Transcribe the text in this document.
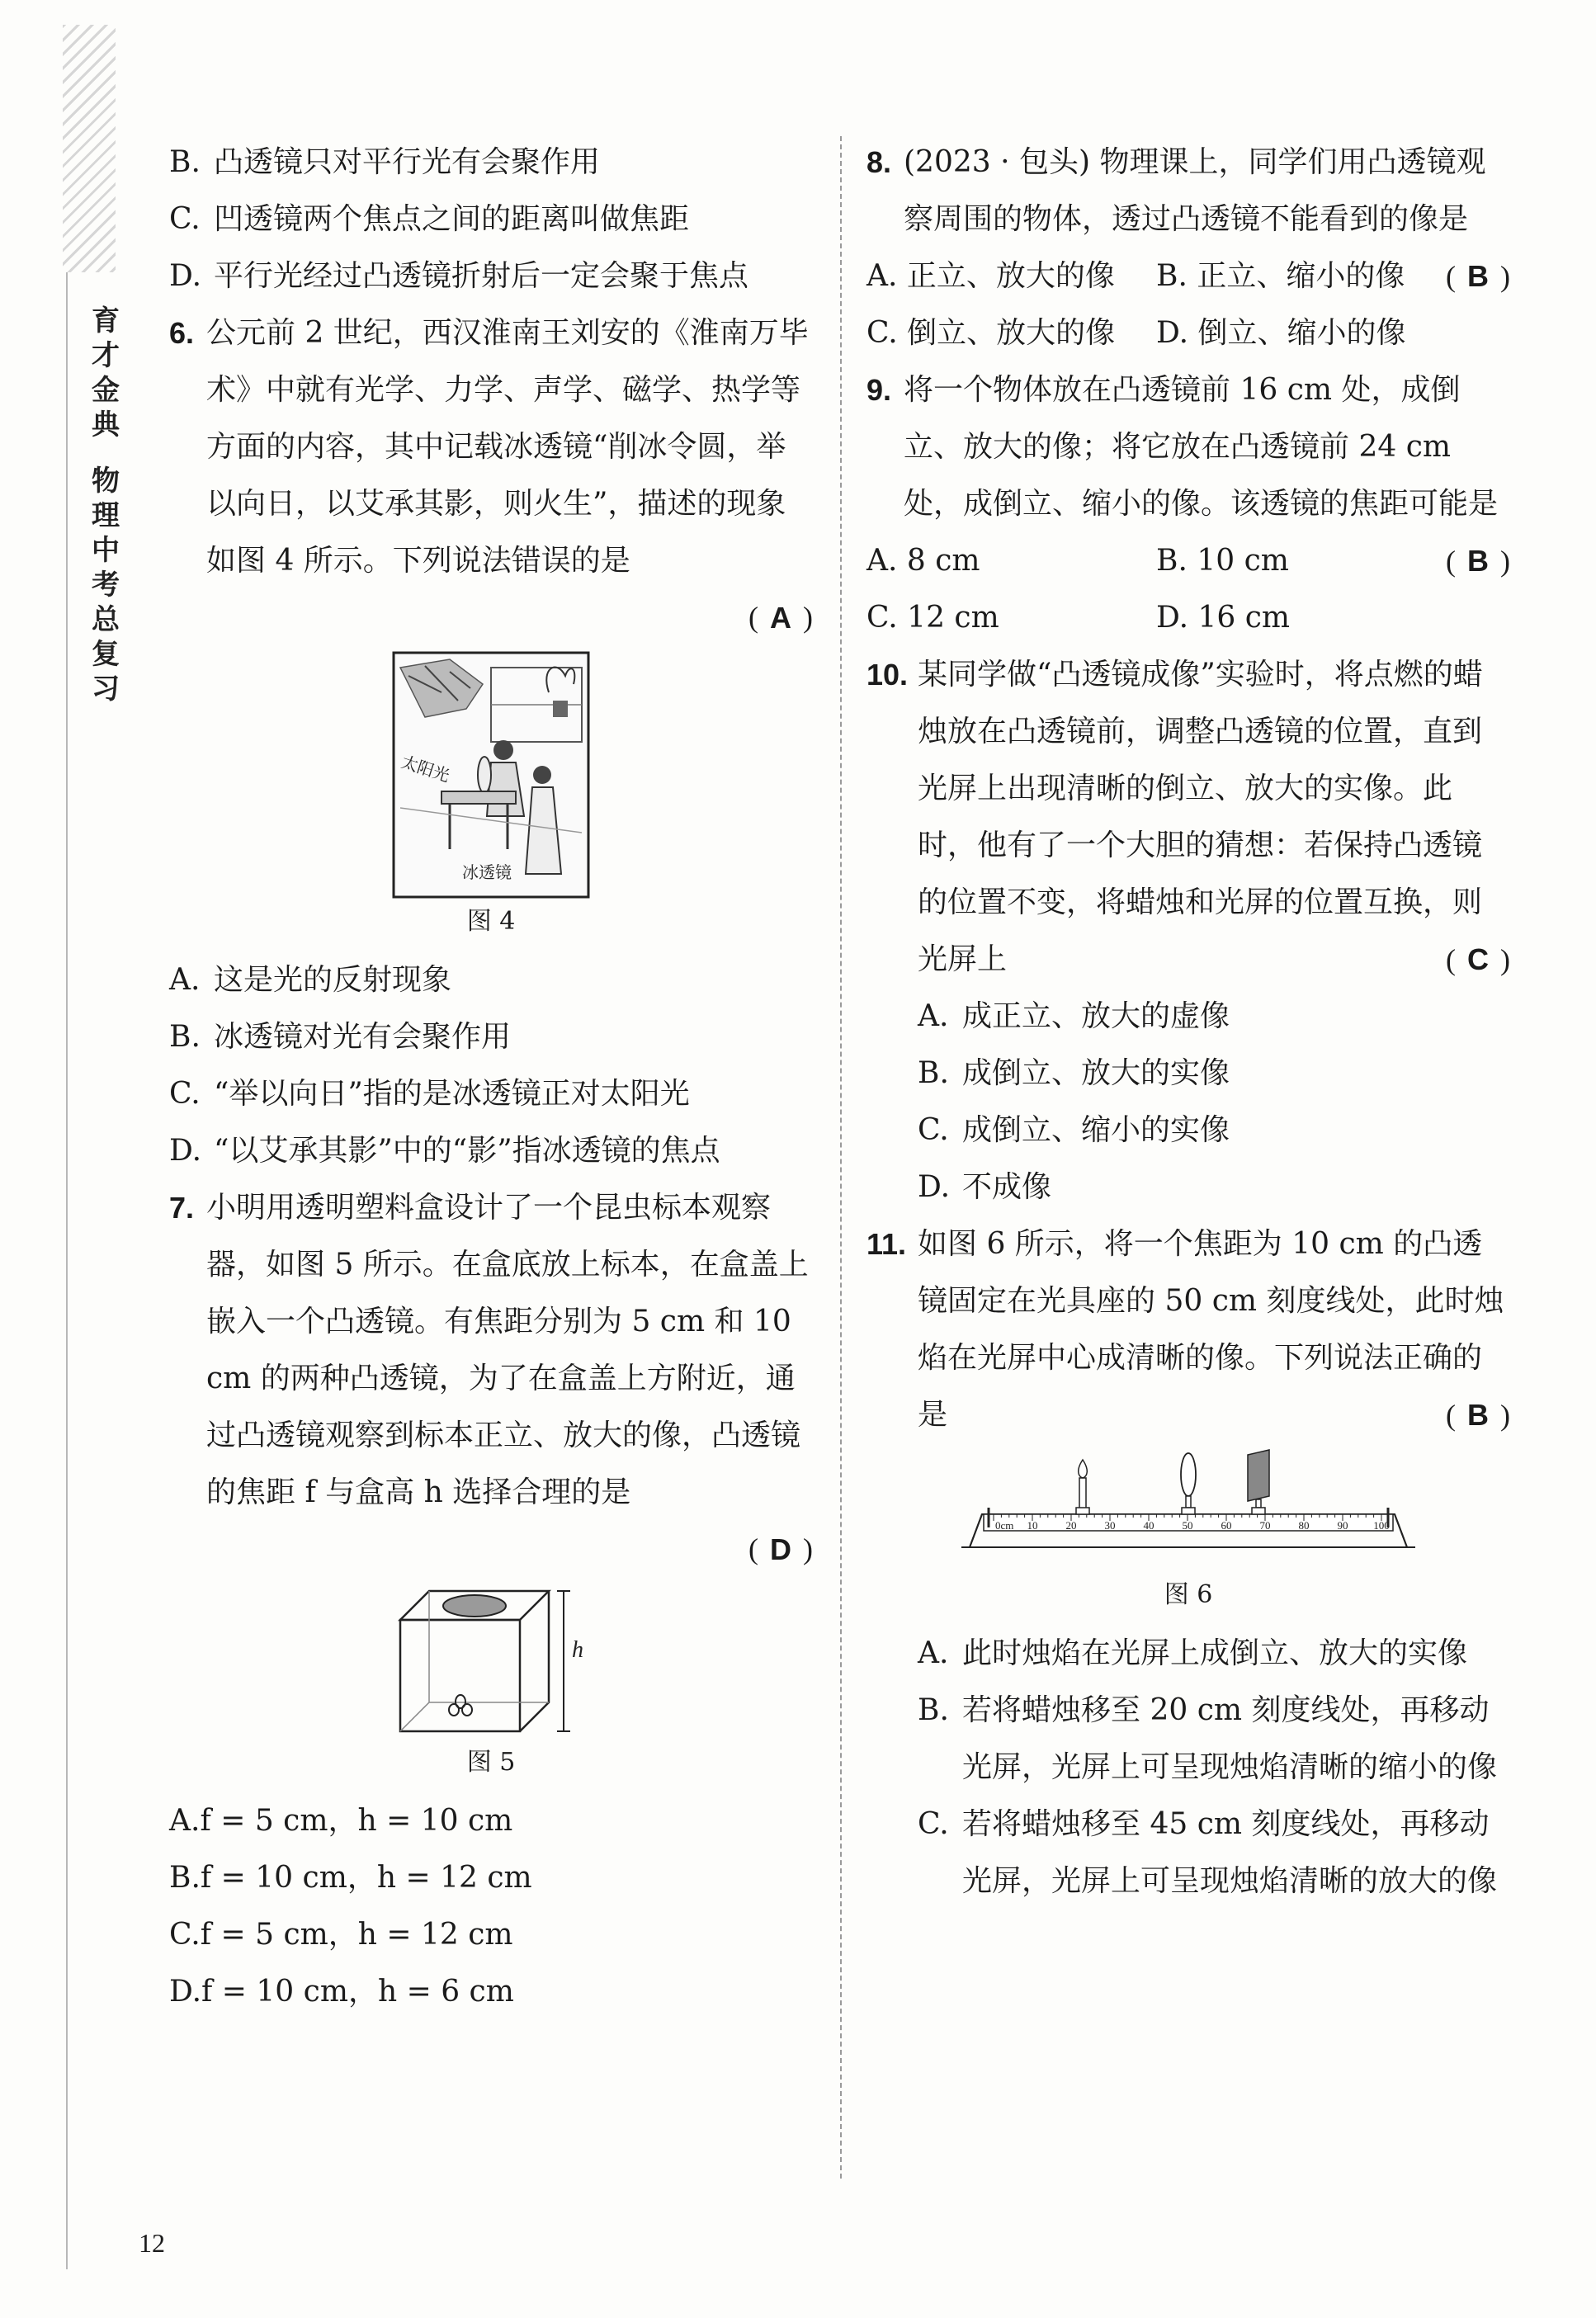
育
才
金
典
物
理
中
考
总
复
习
B. 凸透镜只对平行光有会聚作用
C. 凹透镜两个焦点之间的距离叫做焦距
D. 平行光经过凸透镜折射后一定会聚于焦点
6. 公元前 2 世纪，西汉淮南王刘安的《淮南万毕术》中就有光学、力学、声学、磁学、热学等方面的内容，其中记载冰透镜“削冰令圆，举以向日，以艾承其影，则火生”，描述的现象如图 4 所示。下列说法错误的是
( A )
太阳光
冰透镜
图 4
A. 这是光的反射现象
B. 冰透镜对光有会聚作用
C. “举以向日”指的是冰透镜正对太阳光
D. “以艾承其影”中的“影”指冰透镜的焦点
7. 小明用透明塑料盒设计了一个昆虫标本观察器，如图 5 所示。在盒底放上标本，在盒盖上嵌入一个凸透镜。有焦距分别为 5 cm 和 10 cm 的两种凸透镜，为了在盒盖上方附近，通过凸透镜观察到标本正立、放大的像，凸透镜的焦距 f 与盒高 h 选择合理的是
( D )
h
图 5
A.f = 5 cm，h = 10 cm
B.f = 10 cm，h = 12 cm
C.f = 5 cm，h = 12 cm
D.f = 10 cm，h = 6 cm
8. (2023 · 包头) 物理课上，同学们用凸透镜观察周围的物体，透过凸透镜不能看到的像是
( B )
A. 正立、放大的像	B. 正立、缩小的像
C. 倒立、放大的像	D. 倒立、缩小的像
9. 将一个物体放在凸透镜前 16 cm 处，成倒立、放大的像；将它放在凸透镜前 24 cm 处，成倒立、缩小的像。该透镜的焦距可能是
( B )
A. 8 cm	B. 10 cm
C. 12 cm	D. 16 cm
10. 某同学做“凸透镜成像”实验时，将点燃的蜡烛放在凸透镜前，调整凸透镜的位置，直到光屏上出现清晰的倒立、放大的实像。此时，他有了一个大胆的猜想：若保持凸透镜的位置不变，将蜡烛和光屏的位置互换，则光屏上	( C )
A. 成正立、放大的虚像
B. 成倒立、放大的实像
C. 成倒立、缩小的实像
D. 不成像
11. 如图 6 所示，将一个焦距为 10 cm 的凸透镜固定在光具座的 50 cm 刻度线处，此时烛焰在光屏中心成清晰的像。下列说法正确的是	( B )
0cm 10	20	30	40	50	60	70	80	90 100
图 6
A. 此时烛焰在光屏上成倒立、放大的实像
B. 若将蜡烛移至 20 cm 刻度线处，再移动光屏，光屏上可呈现烛焰清晰的缩小的像
C. 若将蜡烛移至 45 cm 刻度线处，再移动光屏，光屏上可呈现烛焰清晰的放大的像
12
